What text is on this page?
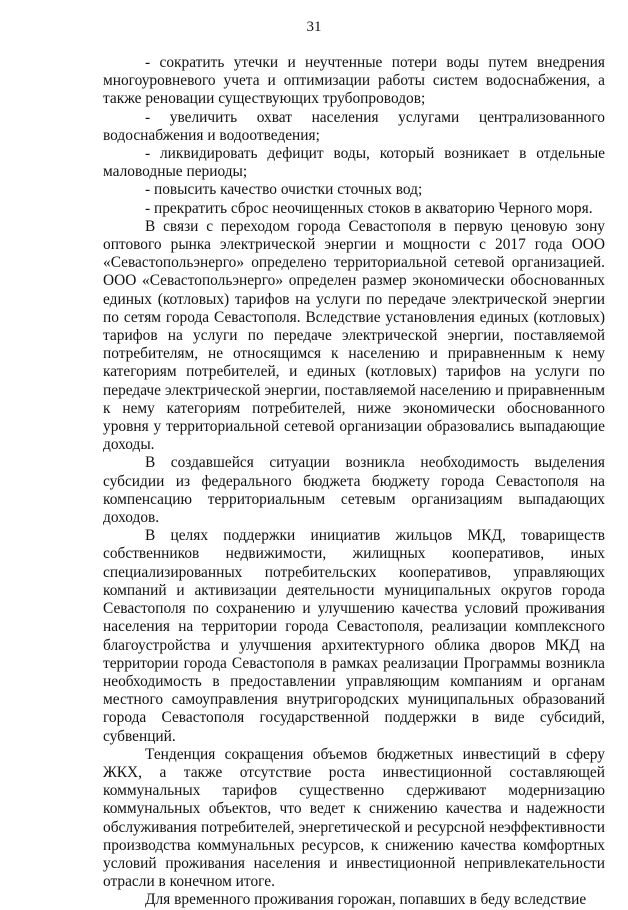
31

- сократить утечки и неучтенные потери воды путем внедрения многоуровневого учета и оптимизации работы систем водоснабжения, а также реновации существующих трубопроводов;

- увеличить охват населения услугами централизованного водоснабжения и водоотведения;

- ликвидировать дефицит воды, который возникает в отдельные маловодные периоды;

- повысить качество очистки сточных вод;

- прекратить сброс неочищенных стоков в акваторию Черного моря.

В связи с переходом города Севастополя в первую ценовую зону оптового рынка электрической энергии и мощности с 2017 года ООО «Севастопольэнерго» определено территориальной сетевой организацией. ООО «Севастопольэнерго» определен размер экономически обоснованных единых (котловых) тарифов на услуги по передаче электрической энергии по сетям города Севастополя. Вследствие установления единых (котловых) тарифов на услуги по передаче электрической энергии, поставляемой потребителям, не относящимся к населению и приравненным к нему категориям потребителей, и единых (котловых) тарифов на услуги по передаче электрической энергии, поставляемой населению и приравненным к нему категориям потребителей, ниже экономически обоснованного уровня у территориальной сетевой организации образовались выпадающие доходы.

В создавшейся ситуации возникла необходимость выделения субсидии из федерального бюджета бюджету города Севастополя на компенсацию территориальным сетевым организациям выпадающих доходов.

В целях поддержки инициатив жильцов МКД, товариществ собственников недвижимости, жилищных кооперативов, иных специализированных потребительских кооперативов, управляющих компаний и активизации деятельности муниципальных округов города Севастополя по сохранению и улучшению качества условий проживания населения на территории города Севастополя, реализации комплексного благоустройства и улучшения архитектурного облика дворов МКД на территории города Севастополя в рамках реализации Программы возникла необходимость в предоставлении управляющим компаниям и органам местного самоуправления внутригородских муниципальных образований города Севастополя государственной поддержки в виде субсидий, субвенций.

Тенденция сокращения объемов бюджетных инвестиций в сферу ЖКХ, а также отсутствие роста инвестиционной составляющей коммунальных тарифов существенно сдерживают модернизацию коммунальных объектов, что ведет к снижению качества и надежности обслуживания потребителей, энергетической и ресурсной неэффективности производства коммунальных ресурсов, к снижению качества комфортных условий проживания населения и инвестиционной непривлекательности отрасли в конечном итоге.

Для временного проживания горожан, попавших в беду вследствие
